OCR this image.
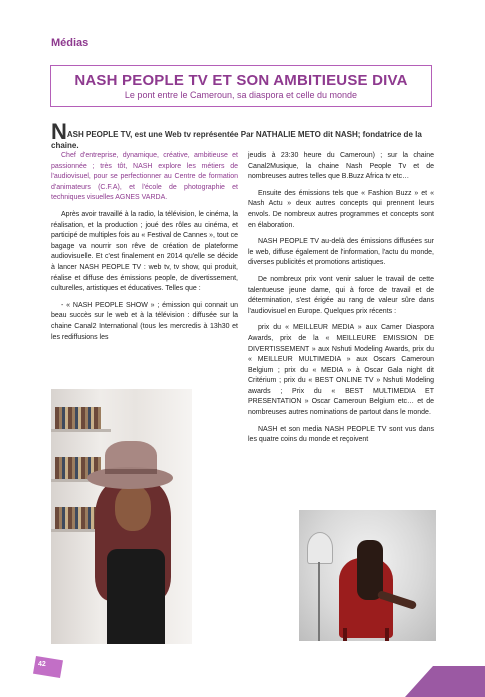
Médias
NASH PEOPLE TV ET SON AMBITIEUSE DIVA
Le pont entre le Cameroun, sa diaspora et celle du monde
NASH PEOPLE TV, est une Web tv représentée Par NATHALIE METO dit NASH; fondatrice de la chaine.

Chef d'entreprise, dynamique, créative, ambitieuse et passionnée ; très tôt, NASH explore les métiers de l'audiovisuel, pour se perfectionner au Centre de formation d'animateurs (C.F.A), et l'école de photographie et techniques visuelles AGNES VARDA.

Après avoir travaillé à la radio, la télévision, le cinéma, la réalisation, et la production ; joué des rôles au cinéma, et participé de multiples fois au « Festival de Cannes », tout ce bagage va nourrir son rêve de création de plateforme audiovisuelle. Et c'est finalement en 2014 qu'elle se décide à lancer NASH PEOPLE TV : web tv, tv show, qui produit, réalise et diffuse des émissions people, de divertissement, culturelles, artistiques et éducatives. Telles que :

- « NASH PEOPLE SHOW » ; émission qui connait un beau succès sur le web et à la télévision : diffusée sur la chaine Canal2 International (tous les mercredis à 13h30 et les rediffusions les

jeudis à 23:30 heure du Cameroun) ; sur la chaine Canal2Musique, la chaine Nash People Tv et de nombreuses autres telles que B.Buzz Africa tv etc…

Ensuite des émissions tels que « Fashion Buzz » et « Nash Actu » deux autres concepts qui prennent leurs envols. De nombreux autres programmes et concepts sont en élaboration.

NASH PEOPLE TV au-delà des émissions diffusées sur le web, diffuse également de l'information, l'actu du monde, diverses publicités et promotions artistiques.

De nombreux prix vont venir saluer le travail de cette talentueuse jeune dame, qui à force de travail et de détermination, s'est érigée au rang de valeur sûre dans l'audiovisuel en Europe. Quelques prix récents :

prix du « MEILLEUR MEDIA » aux Camer Diaspora Awards, prix de la « MEILLEURE EMISSION DE DIVERTISSEMENT » aux Nshuti Modeling Awards, prix du « MEILLEUR MULTIMEDIA » aux Oscars Cameroun Belgium ; prix du « MEDIA » à Oscar Gala night dit Critérium ; prix du « BEST ONLINE TV » Nshuti Modeling awards ; Prix du « BEST MULTIMEDIA ET PRESENTATION » Oscar Cameroun Belgium etc… et de nombreuses autres nominations de partout dans le monde.

NASH et son media NASH PEOPLE TV sont vus dans les quatre coins du monde et reçoivent

42
